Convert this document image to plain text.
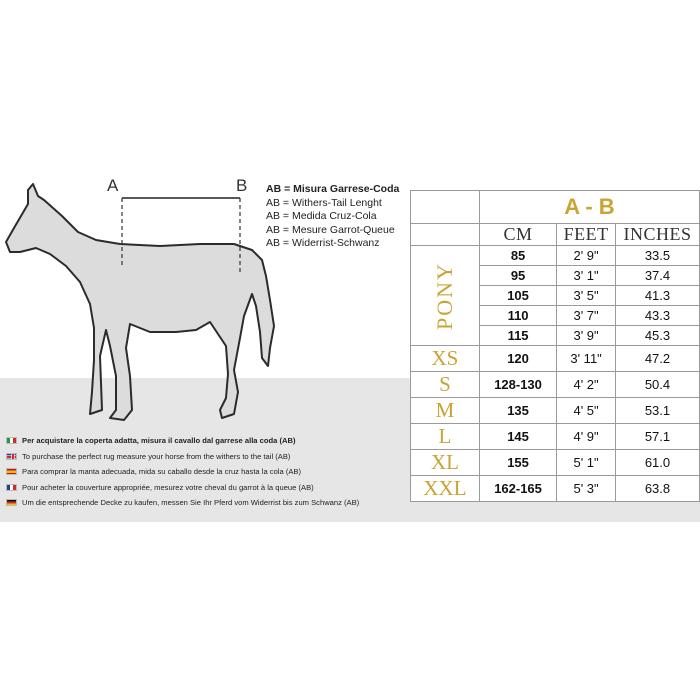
A	B AB = Misura Garrese-Coda
AB = Withers-Tail Lenght
AB = Medida Cruz-Cola
AB = Mesure Garrot-Queue
AB = Widerrist-Schwanz
Per acquistare la coperta adatta, misura il cavallo dal garrese alla coda (AB)
To purchase the perfect rug measure your horse from the withers to the tail (AB)
Para comprar la manta adecuada, mida su caballo desde la cruz hasta la cola (AB)
Pour acheter la couverture appropriée, mesurez votre cheval du garrot à la queue (AB)
Um die entsprechende Decke zu kaufen, messen Sie Ihr Pferd vom Widerrist bis zum Schwanz (AB)
	A - B		
	CM	FEET	INCHES
PONY	85	2' 9"	33.5
	95	3' 1"	37.4
	105	3' 5"	41.3
	110	3' 7"	43.3
	115	3' 9"	45.3
XS	120	3' 11"	47.2
S	128-130	4' 2"	50.4
M	135	4' 5"	53.1
L	145	4' 9"	57.1
XL	155	5' 1"	61.0
XXL	162-165	5' 3"	63.8
